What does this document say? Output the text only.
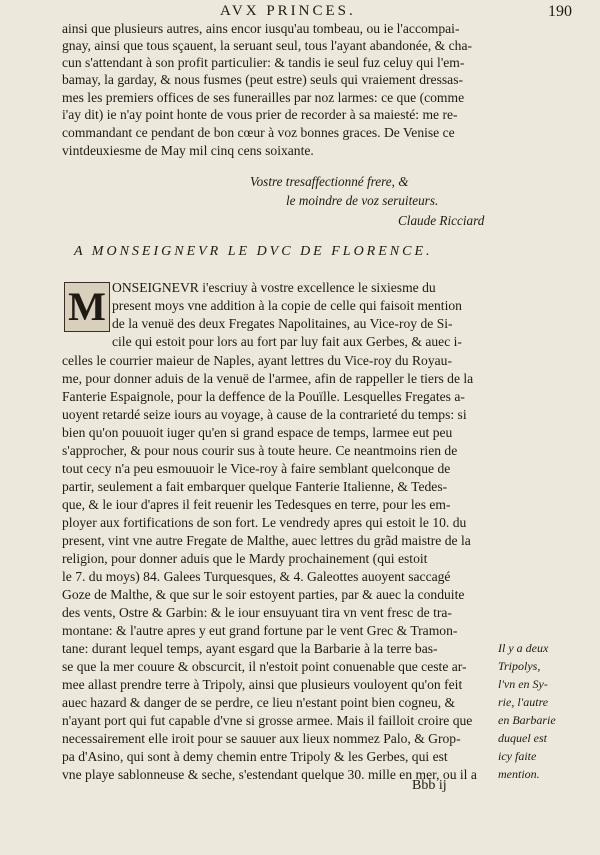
AVX PRINCES.	190
ainsi que plusieurs autres, ains encor iusqu'au tombeau, ou ie l'accompai-
gnay, ainsi que tous sçauent, la seruant seul, tous l'ayant abandonée, & cha-
cun s'attendant à son profit particulier: & tandis ie seul fuz celuy qui l'em-
bamay, la garday, & nous fusmes (peut estre) seuls qui vraiement dressas-
mes les premiers offices de ses funerailles par noz larmes: ce que (comme
i'ay dit) ie n'ay point honte de vous prier de recorder à sa maiesté: me re-
commandant ce pendant de bon cœur à voz bonnes graces. De Venise ce
vintdeuxiesme de May mil cinq cens soixante.
Vostre tresaffectionné frere, &
le moindre de voz seruiteurs.
Claude Ricciard
A MONSEIGNEVR LE DVC DE FLORENCE.
M ONSEIGNEVR i'escriuy à vostre excellence le sixiesme du
present moys vne addition à la copie de celle qui faisoit mention
de la venuë des deux Fregates Napolitaines, au Vice-roy de Si-
cile qui estoit pour lors au fort par luy fait aux Gerbes, & auec i-
celles le courrier maieur de Naples, ayant lettres du Vice-roy du Royau-
me, pour donner aduis de la venuë de l'armee, afin de rappeller le tiers de la
Fanterie Espaignole, pour la deffence de la Pouïlle. Lesquelles Fregates a-
uoyent retardé seize iours au voyage, à cause de la contrarieté du temps: si
bien qu'on pouuoit iuger qu'en si grand espace de temps, larmee eut peu
s'approcher, & pour nous courir sus à toute heure. Ce neantmoins rien de
tout cecy n'a peu esmouuoir le Vice-roy à faire semblant quelconque de
partir, seulement a fait embarquer quelque Fanterie Italienne, & Tedes-
que, & le iour d'apres il feit reuenir les Tedesques en terre, pour les em-
ployer aux fortifications de son fort. Le vendredy apres qui estoit le 10. du
present, vint vne autre Fregate de Malthe, auec lettres du grãd maistre de la
religion, pour donner aduis que le Mardy prochainement (qui estoit
le 7. du moys) 84. Galees Turquesques, & 4. Galeottes auoyent saccagé
Goze de Malthe, & que sur le soir estoyent parties, par & auec la conduite
des vents, Ostre & Garbin: & le iour ensuyuant tira vn vent fresc de tra-
montane: & l'autre apres y eut grand fortune par le vent Grec & Tramon-
tane: durant lequel temps, ayant esgard que la Barbarie à la terre bas-
se que la mer couure & obscurcit, il n'estoit point conuenable que ceste ar-
mee allast prendre terre à Tripoly, ainsi que plusieurs vouloyent qu'on feit
auec hazard & danger de se perdre, ce lieu n'estant point bien cogneu, &
n'ayant port qui fut capable d'vne si grosse armee. Mais il failloit croire que
necessairement elle iroit pour se sauuer aux lieux nommez Palo, & Grop-
pa d'Asino, qui sont à demy chemin entre Tripoly & les Gerbes, qui est
vne playe sablonneuse & seche, s'estendant quelque 30. mille en mer, ou il a
Il y a deux
Tripolys,
l'vn en Sy-
rie, l'autre
en Barbarie
duquel est
icy faite
mention.
Bbb ij
